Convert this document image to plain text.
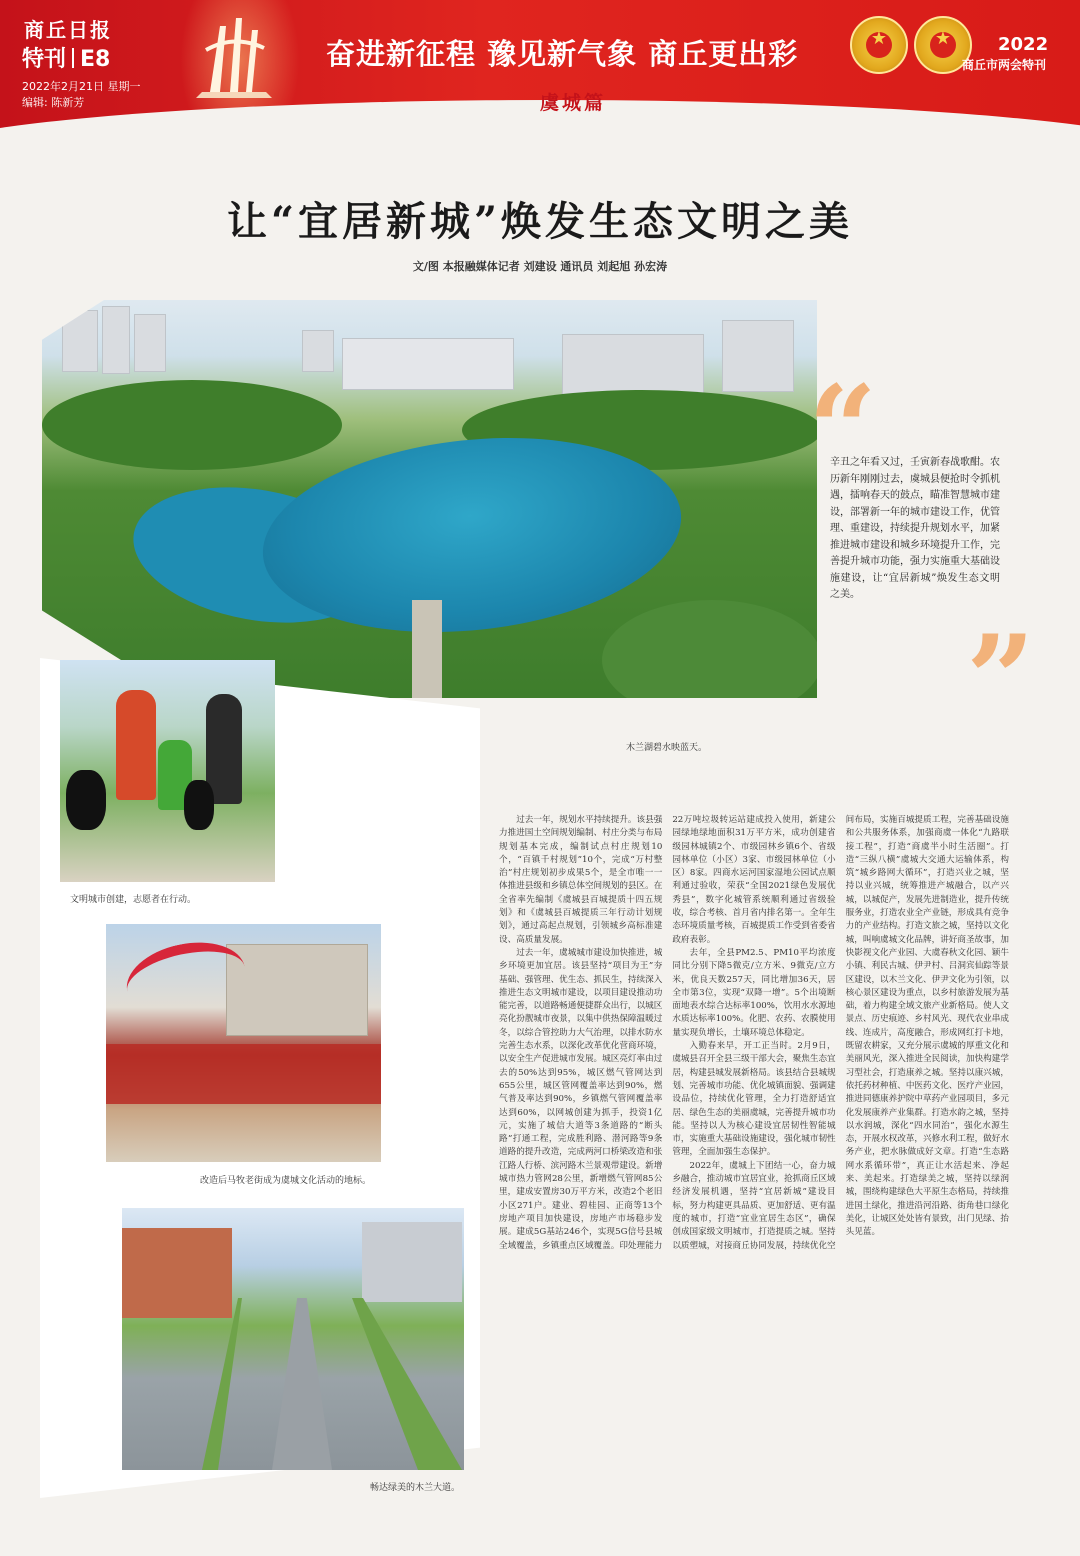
商丘日报
特刊 E8
2022年2月21日 星期一
编辑: 陈新芳
奋进新征程 豫见新气象 商丘更出彩
虞城篇
★	★	2022
商丘市两会特刊
让“宜居新城”焕发生态文明之美
文/图 本报融媒体记者 刘建设 通讯员 刘起旭 孙宏涛
木兰湖碧水映蓝天。
“
辛丑之年看又过，壬寅新春战歌酣。农历新年刚刚过去，虞城县便抢时令抓机遇，擂响春天的鼓点，瞄准智慧城市建设，部署新一年的城市建设工作，优管理、重建设，持续提升规划水平，加紧推进城市建设和城乡环境提升工作，完善提升城市功能，强力实施重大基础设施建设，让“宜居新城”焕发生态文明之美。
”
文明城市创建，志愿者在行动。
改造后马牧老街成为虞城文化活动的地标。
畅达绿美的木兰大道。

过去一年，规划水平持续提升。该县强力推进国土空间规划编制、村庄分类与布局规划基本完成，编制试点村庄规划10个，“百镇千村规划”10个，完成“万村整治”村庄规划初步成果5个，是全市唯一一体推进县级和乡镇总体空间规划的县区。在全省率先编制《虞城县百城提质十四五规划》和《虞城县百城提质三年行动计划规划》，通过高起点规划，引领城乡高标准建设、高质量发展。

过去一年，虞城城市建设加快推进，城乡环境更加宜居。该县坚持“项目为王”夯基础、强管理、优生态、抓民生，持续深入推进生态文明城市建设，以项目建设推动功能完善，以道路畅通便捷群众出行，以城区亮化扮靓城市夜景，以集中供热保障温暖过冬，以综合管控助力大气治理，以排水防水完善生态水系，以深化改革优化营商环境，以安全生产促进城市发展。城区亮灯率由过去的50%达到95%，城区燃气管网达到655公里，城区管网覆盖率达到90%，燃气普及率达到90%，乡镇燃气管网覆盖率达到60%，以网城创建为抓手，投资1亿元，实施了城信大道等3条道路的“断头路”打通工程，完成胜利路、潜河路等9条道路的提升改造，完成两河口桥梁改造和张江路人行桥、滨河路木兰景观带建设。新增城市热力管网28公里，新增燃气管网85公里，建成安置房30万平方米，改造2个老旧小区271户。建业、碧桂园、正商等13个房地产项目加快建设，房地产市场稳步发展。建成5G基站246个，实现5G信号县城全域覆盖，乡镇重点区域覆盖。印处理能力22万吨垃圾转运站建成投入使用，新建公园绿地绿地面积31万平方米，成功创建省级园林城镇2个、市级园林乡镇6个、省级园林单位（小区）3家、市级园林单位（小区）8家。四商水运河国家湿地公园试点顺利通过验收，荣获“全国2021绿色发展优秀县”，数字化城管系统顺利通过省级验收，综合考核、首月省内排名第一。全年生态环境质量考核，百城提质工作受到省委省政府表彰。

去年，全县PM2.5、PM10平均浓度同比分别下降5微克/立方米、9微克/立方米，优良天数257天，同比增加36天，居全市第3位，实现“双降一增”。5个出境断面地表水综合达标率100%，饮用水水源地水质达标率100%。化肥、农药、农膜使用量实现负增长，土壤环境总体稳定。

入勤春来早，开工正当时。2月9日，虞城县召开全县三级干部大会，聚焦生态宜居，构建县城发展新格局。该县结合县城规划、完善城市功能、优化城镇面貌、强调建设品位，持续优化管理，全力打造舒适宜居、绿色生态的美丽虞城，完善提升城市功能。坚持以人为核心建设宜居韧性智能城市，实施重大基础设施建设，强化城市韧性管理，全面加强生态保护。

2022年，虞城上下团结一心，奋力城乡融合，推动城市宜居宜业，抢抓商丘区域经济发展机遇，坚持“宜居新城”建设目标，努力构建更具品质、更加舒适、更有温度的城市，打造“宜业宜居生态区”，确保创成国家级文明城市，打造提质之城。坚持以质塑城，对接商丘协同发展，持续优化空间布局，实施百城提质工程，完善基础设施和公共服务体系，加强商虞一体化“九路联接工程”，打造“商虞半小时生活圈”。打造“三纵八横”虞城大交通大运输体系，构筑“城乡路网大循环”，打造兴业之城，坚持以业兴城，统筹推进产城融合，以产兴城，以城促产，发展先进制造业，提升传统服务业，打造农业全产业链，形成具有竞争力的产业结构。打造文旅之城，坚持以文化城，叫响虞城文化品牌，讲好商圣故事，加快影视文化产业园、大虞春秋文化园、颖牛小镇、利民古城、伊尹村、吕洞宾仙踪等景区建设，以木兰文化、伊尹文化为引领，以核心景区建设为重点，以乡村旅游发展为基础，着力构建全域文旅产业新格局。使人文景点、历史痕迹、乡村风光、现代农业串成线、连成片，高度融合，形成网红打卡地，既留农耕家，又充分展示虞城的厚重文化和美丽风光，深入推进全民阅读，加快构建学习型社会，打造康养之城。坚持以康兴城，依托药材种植、中医药文化、医疗产业园，推进同德康养护院中草药产业园项目，多元化发展康养产业集群。打造水韵之城，坚持以水润城，深化“四水同治”，强化水源生态，开展水权改革，兴修水利工程，做好水务产业，把水脉做成好文章。打造“生态路网水系循环带”，真正让水活起来、净起来、美起来。打造绿美之城，坚持以绿润城，围绕构建绿色大平原生态格局，持续推进国土绿化，推进沿河沿路、街角巷口绿化美化，让城区处处皆有景致，出门见绿、抬头见蓝。
